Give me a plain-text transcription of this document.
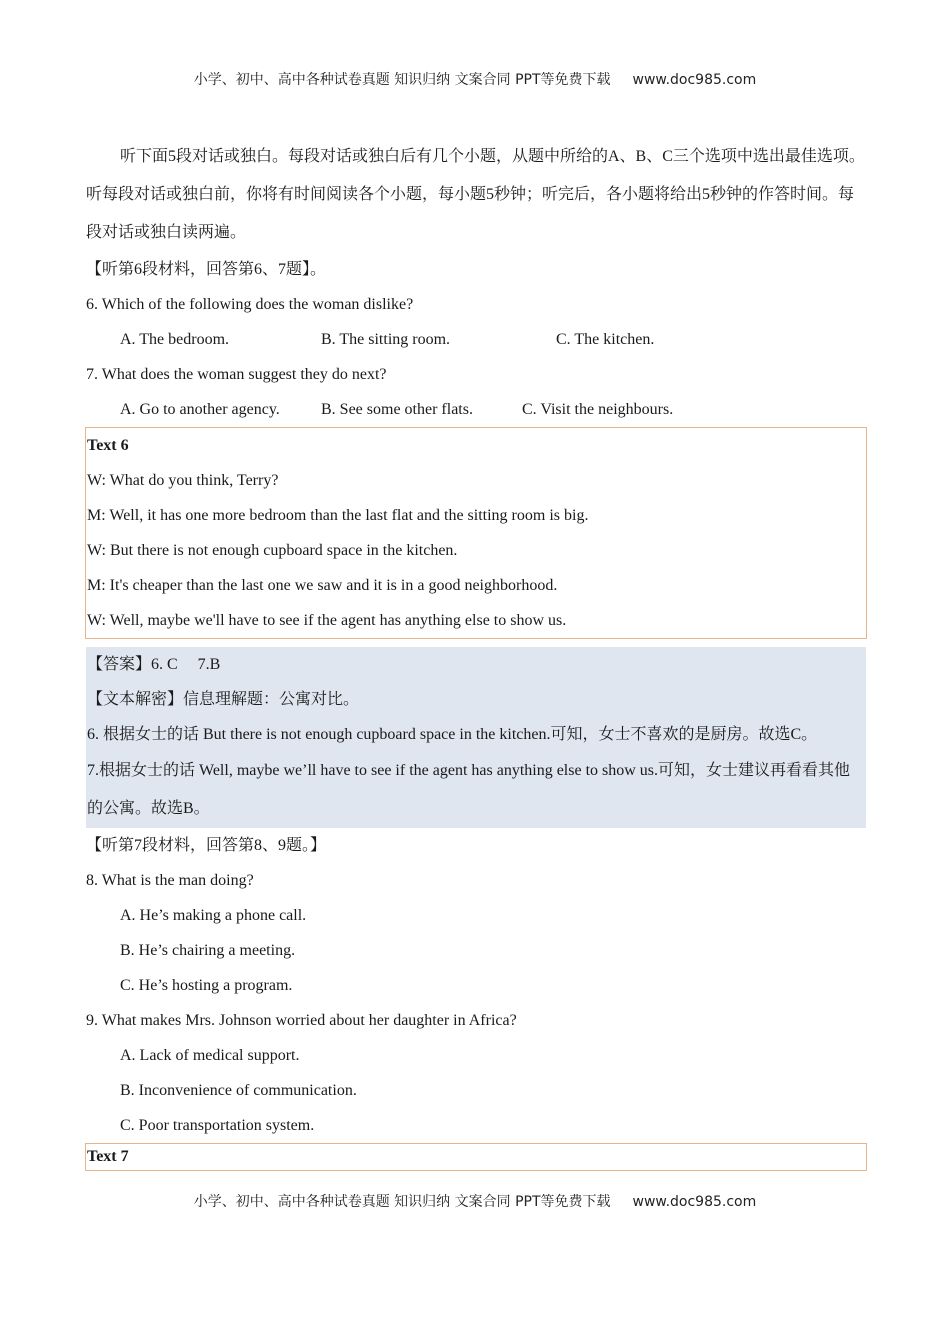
小学、初中、高中各种试卷真题 知识归纳 文案合同 PPT等免费下载 www.doc985.com
听下面5段对话或独白。每段对话或独白后有几个小题，从题中所给的A、B、C三个选项中选出最佳选项。听每段对话或独白前，你将有时间阅读各个小题，每小题5秒钟；听完后，各小题将给出5秒钟的作答时间。每段对话或独白读两遍。
【听第6段材料，回答第6、7题】。
6. Which of the following does the woman dislike?
A. The bedroom.	B. The sitting room.	C. The kitchen.
7. What does the woman suggest they do next?
A. Go to another agency.	B. See some other flats.	C. Visit the neighbours.
Text 6
W: What do you think, Terry?
M: Well, it has one more bedroom than the last flat and the sitting room is big.
W: But there is not enough cupboard space in the kitchen.
M: It's cheaper than the last one we saw and it is in a good neighborhood.
W: Well, maybe we'll have to see if the agent has anything else to show us.
【答案】6. C     7.B
【文本解密】信息理解题：公寓对比。
6. 根据女士的话 But there is not enough cupboard space in the kitchen.可知，女士不喜欢的是厨房。故选C。
7.根据女士的话 Well, maybe we’ll have to see if the agent has anything else to show us.可知，女士建议再看看其他的公寓。故选B。
【听第7段材料，回答第8、9题。】
8. What is the man doing?
A. He’s making a phone call.
B. He’s chairing a meeting.
C. He’s hosting a program.
9. What makes Mrs. Johnson worried about her daughter in Africa?
A. Lack of medical support.
B. Inconvenience of communication.
C. Poor transportation system.
Text 7
小学、初中、高中各种试卷真题 知识归纳 文案合同 PPT等免费下载 www.doc985.com
